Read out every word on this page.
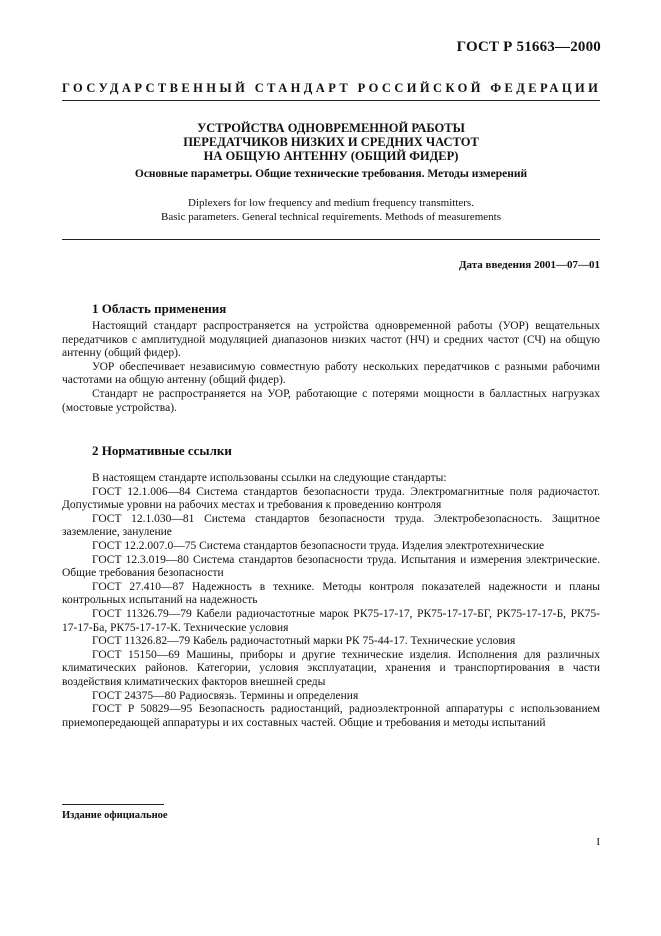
ГОСТ Р 51663—2000
ГОСУДАРСТВЕННЫЙ СТАНДАРТ РОССИЙСКОЙ ФЕДЕРАЦИИ
УСТРОЙСТВА ОДНОВРЕМЕННОЙ РАБОТЫ
ПЕРЕДАТЧИКОВ НИЗКИХ И СРЕДНИХ ЧАСТОТ
НА ОБЩУЮ АНТЕННУ (ОБЩИЙ ФИДЕР)
Основные параметры. Общие технические требования. Методы измерений
Diplexers for low frequency and medium frequency transmitters.
Basic parameters. General technical requirements. Methods of measurements
Дата введения 2001—07—01
1 Область применения

Настоящий стандарт распространяется на устройства одновременной работы (УОР) вещательных передатчиков с амплитудной модуляцией диапазонов низких частот (НЧ) и средних частот (СЧ) на общую антенну (общий фидер).

УОР обеспечивает независимую совместную работу нескольких передатчиков с разными рабочими частотами на общую антенну (общий фидер).

Стандарт не распространяется на УОР, работающие с потерями мощности в балластных нагрузках (мостовые устройства).

2 Нормативные ссылки

В настоящем стандарте использованы ссылки на следующие стандарты:

ГОСТ 12.1.006—84 Система стандартов безопасности труда. Электромагнитные поля радиочастот. Допустимые уровни на рабочих местах и требования к проведению контроля

ГОСТ 12.1.030—81 Система стандартов безопасности труда. Электробезопасность. Защитное заземление, зануление

ГОСТ 12.2.007.0—75 Система стандартов безопасности труда. Изделия электротехнические

ГОСТ 12.3.019—80 Система стандартов безопасности труда. Испытания и измерения электрические. Общие требования безопасности

ГОСТ 27.410—87 Надежность в технике. Методы контроля показателей надежности и планы контрольных испытаний на надежность

ГОСТ 11326.79—79 Кабели радиочастотные марок РК75-17-17, РК75-17-17-БГ, РК75-17-17-Б, РК75-17-17-Ба, РК75-17-17-К. Технические условия

ГОСТ 11326.82—79 Кабель радиочастотный марки РК 75-44-17. Технические условия

ГОСТ 15150—69 Машины, приборы и другие технические изделия. Исполнения для различных климатических районов. Категории, условия эксплуатации, хранения и транспортирования в части воздействия климатических факторов внешней среды

ГОСТ 24375—80 Радиосвязь. Термины и определения

ГОСТ Р 50829—95 Безопасность радиостанций, радиоэлектронной аппаратуры с использованием приемопередающей аппаратуры и их составных частей. Общие и требования и методы испытаний

Издание официальное
I
